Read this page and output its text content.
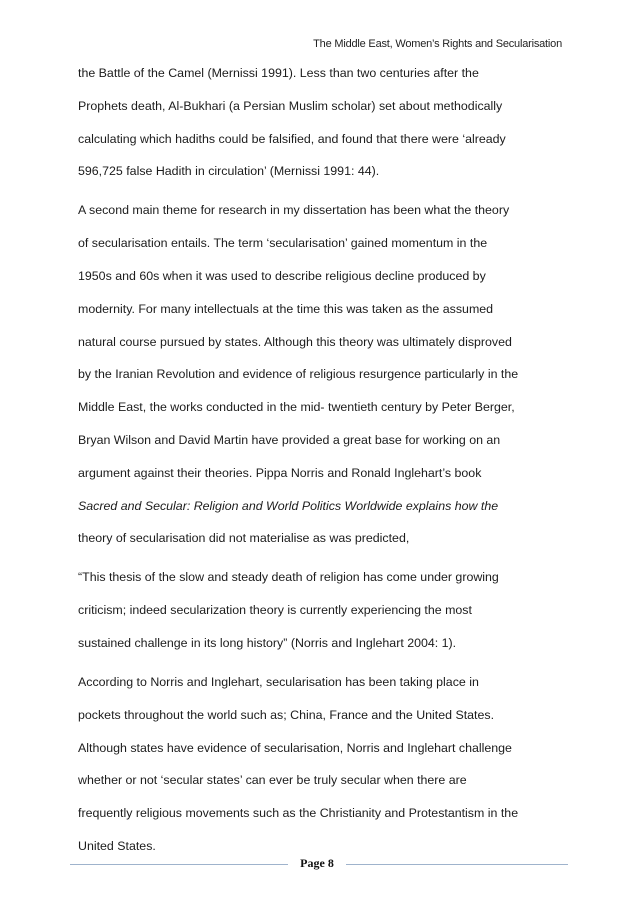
The Middle East, Women’s Rights and Secularisation
the Battle of the Camel (Mernissi 1991). Less than two centuries after the
Prophets death, Al-Bukhari (a Persian Muslim scholar) set about methodically
calculating which hadiths could be falsified, and found that there were ‘already
596,725 false Hadith in circulation’ (Mernissi 1991: 44).
A second main theme for research in my dissertation has been what the theory
of secularisation entails. The term ‘secularisation’ gained momentum in the
1950s and 60s when it was used to describe religious decline produced by
modernity. For many intellectuals at the time this was taken as the assumed
natural course pursued by states. Although this theory was ultimately disproved
by the Iranian Revolution and evidence of religious resurgence particularly in the
Middle East, the works conducted in the mid- twentieth century by Peter Berger,
Bryan Wilson and David Martin have provided a great base for working on an
argument against their theories. Pippa Norris and Ronald Inglehart’s book
Sacred and Secular: Religion and World Politics Worldwide explains how the
theory of secularisation did not materialise as was predicted,
“This thesis of the slow and steady death of religion has come under growing
criticism; indeed secularization theory is currently experiencing the most
sustained challenge in its long history” (Norris and Inglehart 2004: 1).
According to Norris and Inglehart, secularisation has been taking place in
pockets throughout the world such as; China, France and the United States.
Although states have evidence of secularisation, Norris and Inglehart challenge
whether or not ‘secular states’ can ever be truly secular when there are
frequently religious movements such as the Christianity and Protestantism in the
United States.
Page 8
